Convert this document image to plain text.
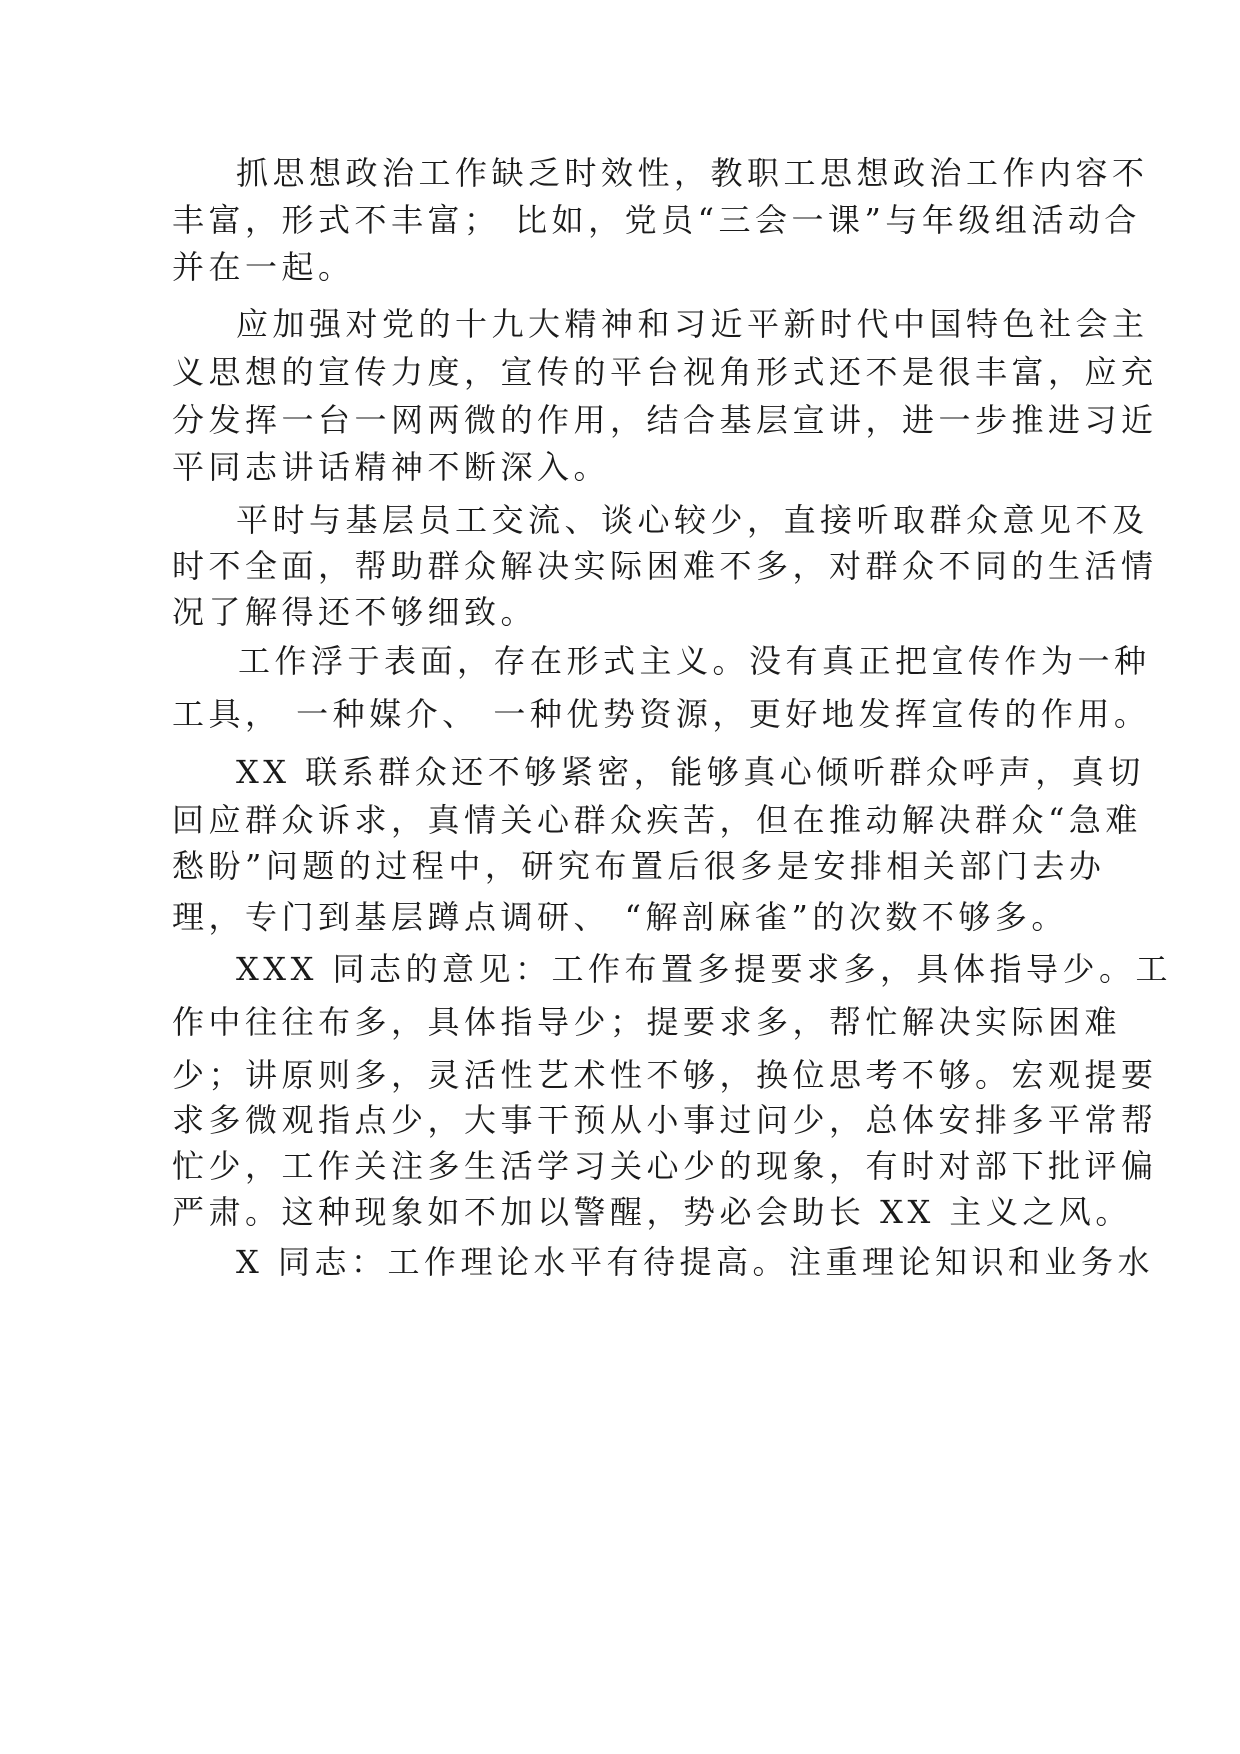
抓思想政治工作缺乏时效性，教职工思想政治工作内容不

丰富，形式不丰富； 比如，党员“三会一课”与年级组活动合

并在一起。

应加强对党的十九大精神和习近平新时代中国特色社会主

义思想的宣传力度，宣传的平台视角形式还不是很丰富，应充

分发挥一台一网两微的作用，结合基层宣讲，进一步推进习近

平同志讲话精神不断深入。

平时与基层员工交流、谈心较少，直接听取群众意见不及

时不全面，帮助群众解决实际困难不多，对群众不同的生活情

况了解得还不够细致。

工作浮于表面，存在形式主义。没有真正把宣传作为一种

工具， 一种媒介、 一种优势资源，更好地发挥宣传的作用。

XX 联系群众还不够紧密，能够真心倾听群众呼声，真切

回应群众诉求，真情关心群众疾苦，但在推动解决群众“急难

愁盼”问题的过程中，研究布置后很多是安排相关部门去办

理，专门到基层蹲点调研、 “解剖麻雀”的次数不够多。

XXX 同志的意见：工作布置多提要求多，具体指导少。工

作中往往布多，具体指导少；提要求多，帮忙解决实际困难

少；讲原则多，灵活性艺术性不够，换位思考不够。宏观提要

求多微观指点少，大事干预从小事过问少，总体安排多平常帮

忙少，工作关注多生活学习关心少的现象，有时对部下批评偏

严肃。这种现象如不加以警醒，势必会助长 XX 主义之风。

X 同志：工作理论水平有待提高。注重理论知识和业务水
